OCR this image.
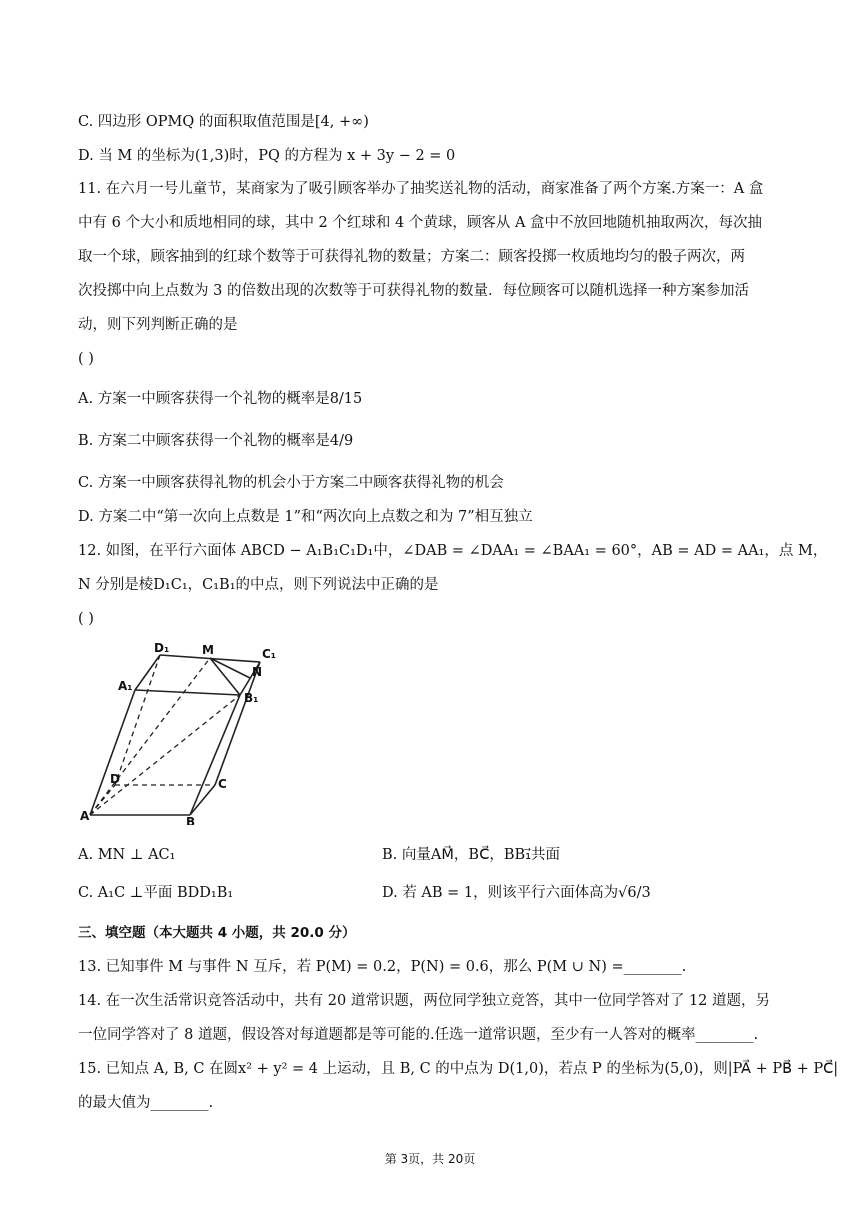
C. 四边形 OPMQ 的面积取值范围是[4, +∞)
D. 当 M 的坐标为(1,3)时，PQ 的方程为 x + 3y − 2 = 0
11. 在六月一号儿童节，某商家为了吸引顾客举办了抽奖送礼物的活动，商家准备了两个方案.方案一：A 盒
中有 6 个大小和质地相同的球，其中 2 个红球和 4 个黄球，顾客从 A 盒中不放回地随机抽取两次，每次抽
取一个球，顾客抽到的红球个数等于可获得礼物的数量；方案二：顾客投掷一枚质地均匀的骰子两次，两
次投掷中向上点数为 3 的倍数出现的次数等于可获得礼物的数量．每位顾客可以随机选择一种方案参加活
动，则下列判断正确的是
( )
A. 方案一中顾客获得一个礼物的概率是8/15
B. 方案二中顾客获得一个礼物的概率是4/9
C. 方案一中顾客获得礼物的机会小于方案二中顾客获得礼物的机会
D. 方案二中“第一次向上点数是 1”和“两次向上点数之和为 7”相互独立
12. 如图，在平行六面体 ABCD − A₁B₁C₁D₁中，∠DAB = ∠DAA₁ = ∠BAA₁ = 60°，AB = AD = AA₁，点 M，
N 分别是棱D₁C₁，C₁B₁的中点，则下列说法中正确的是
( )
D₁	M	C₁
N
A₁
B₁
D	C
A	B
A. MN ⊥ AC₁	B. 向量AM⃗，BC⃗，BB₁⃗共面
C. A₁C ⊥平面 BDD₁B₁	D. 若 AB = 1，则该平行六面体高为√6/3
三、填空题（本大题共 4 小题，共 20.0 分）
13. 已知事件 M 与事件 N 互斥，若 P(M) = 0.2，P(N) = 0.6，那么 P(M ∪ N) =________.
14. 在一次生活常识竞答活动中，共有 20 道常识题，两位同学独立竞答，其中一位同学答对了 12 道题，另
一位同学答对了 8 道题，假设答对每道题都是等可能的.任选一道常识题，至少有一人答对的概率________.
15. 已知点 A, B, C 在圆x² + y² = 4 上运动，且 B, C 的中点为 D(1,0)，若点 P 的坐标为(5,0)，则|PA⃗ + PB⃗ + PC⃗|
的最大值为________.
第 3页，共 20页
